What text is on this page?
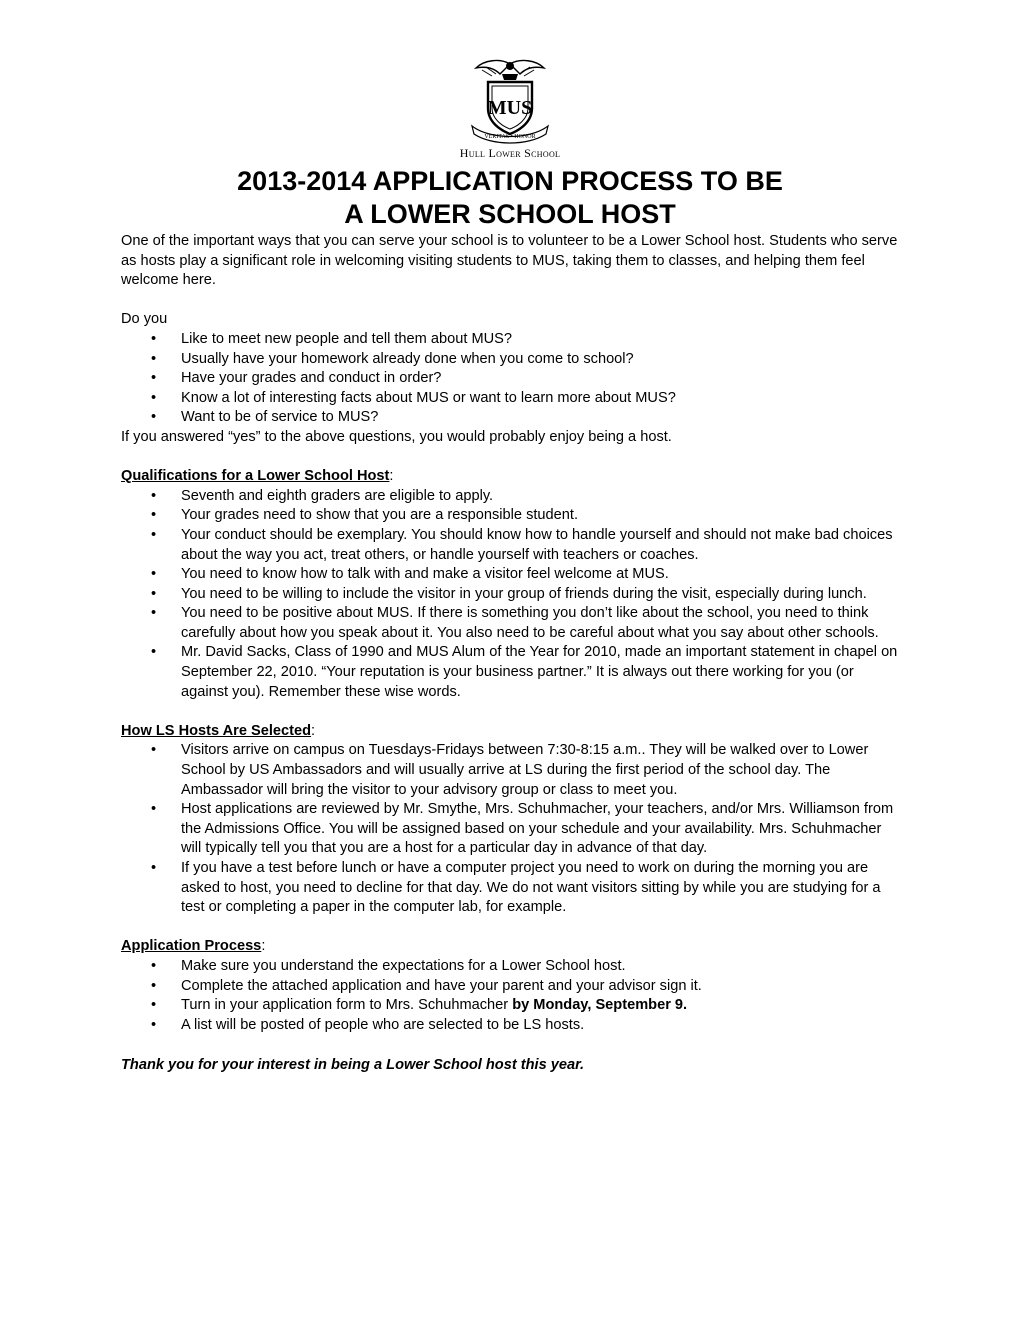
MUS
VERITAS • HONOR
Hull Lower School
2013-2014 APPLICATION PROCESS TO BE
A LOWER SCHOOL HOST

One of the important ways that you can serve your school is to volunteer to be a Lower School host. Students who serve as hosts play a significant role in welcoming visiting students to MUS, taking them to classes, and helping them feel welcome here.

Do you

• Like to meet new people and tell them about MUS?
• Usually have your homework already done when you come to school?
• Have your grades and conduct in order?
• Know a lot of interesting facts about MUS or want to learn more about MUS?
• Want to be of service to MUS?

If you answered “yes” to the above questions, you would probably enjoy being a host.

Qualifications for a Lower School Host:

• Seventh and eighth graders are eligible to apply.
• Your grades need to show that you are a responsible student.
• Your conduct should be exemplary. You should know how to handle yourself and should not make bad choices about the way you act, treat others, or handle yourself with teachers or coaches.
• You need to know how to talk with and make a visitor feel welcome at MUS.
• You need to be willing to include the visitor in your group of friends during the visit, especially during lunch.
• You need to be positive about MUS. If there is something you don’t like about the school, you need to think carefully about how you speak about it. You also need to be careful about what you say about other schools.
• Mr. David Sacks, Class of 1990 and MUS Alum of the Year for 2010, made an important statement in chapel on September 22, 2010. “Your reputation is your business partner.” It is always out there working for you (or against you). Remember these wise words.

How LS Hosts Are Selected:

• Visitors arrive on campus on Tuesdays-Fridays between 7:30-8:15 a.m.. They will be walked over to Lower School by US Ambassadors and will usually arrive at LS during the first period of the school day. The Ambassador will bring the visitor to your advisory group or class to meet you.
• Host applications are reviewed by Mr. Smythe, Mrs. Schuhmacher, your teachers, and/or Mrs. Williamson from the Admissions Office. You will be assigned based on your schedule and your availability. Mrs. Schuhmacher will typically tell you that you are a host for a particular day in advance of that day.
• If you have a test before lunch or have a computer project you need to work on during the morning you are asked to host, you need to decline for that day. We do not want visitors sitting by while you are studying for a test or completing a paper in the computer lab, for example.

Application Process:

• Make sure you understand the expectations for a Lower School host.
• Complete the attached application and have your parent and your advisor sign it.
• Turn in your application form to Mrs. Schuhmacher by Monday, September 9.
• A list will be posted of people who are selected to be LS hosts.

Thank you for your interest in being a Lower School host this year.
